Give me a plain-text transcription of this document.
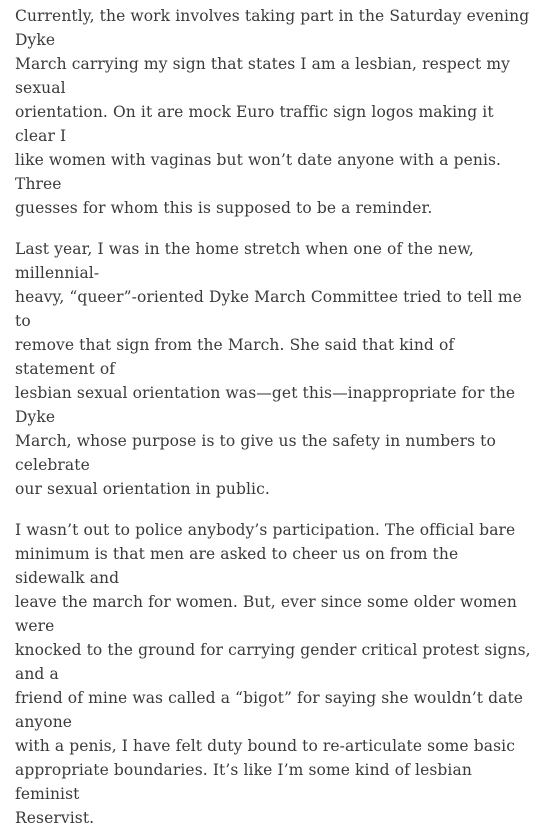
Currently, the work involves taking part in the Saturday evening Dyke
March carrying my sign that states I am a lesbian, respect my sexual
orientation. On it are mock Euro traffic sign logos making it clear I
like women with vaginas but won’t date anyone with a penis. Three
guesses for whom this is supposed to be a reminder.

Last year, I was in the home stretch when one of the new, millennial-
heavy, “queer”-oriented Dyke March Committee tried to tell me to
remove that sign from the March. She said that kind of statement of
lesbian sexual orientation was—get this—inappropriate for the Dyke
March, whose purpose is to give us the safety in numbers to celebrate
our sexual orientation in public.

I wasn’t out to police anybody’s participation. The official bare
minimum is that men are asked to cheer us on from the sidewalk and
leave the march for women. But, ever since some older women were
knocked to the ground for carrying gender critical protest signs, and a
friend of mine was called a “bigot” for saying she wouldn’t date anyone
with a penis, I have felt duty bound to re-articulate some basic
appropriate boundaries. It’s like I’m some kind of lesbian feminist
Reservist.
